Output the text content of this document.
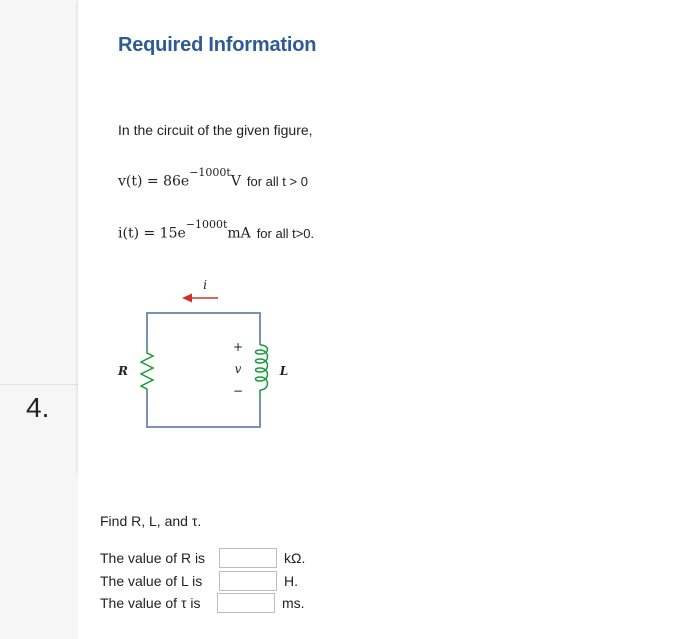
4.
Required Information
In the circuit of the given figure,
$v(t) = 86e^{-1000t}V$ for all t > 0
$i(t) = 15e^{-1000t}mA$ for all t>0.
i
+
v
−
R	L
Find R, L, and τ.
The value of R is	kΩ.
The value of L is	H.
The value of τ is	ms.
